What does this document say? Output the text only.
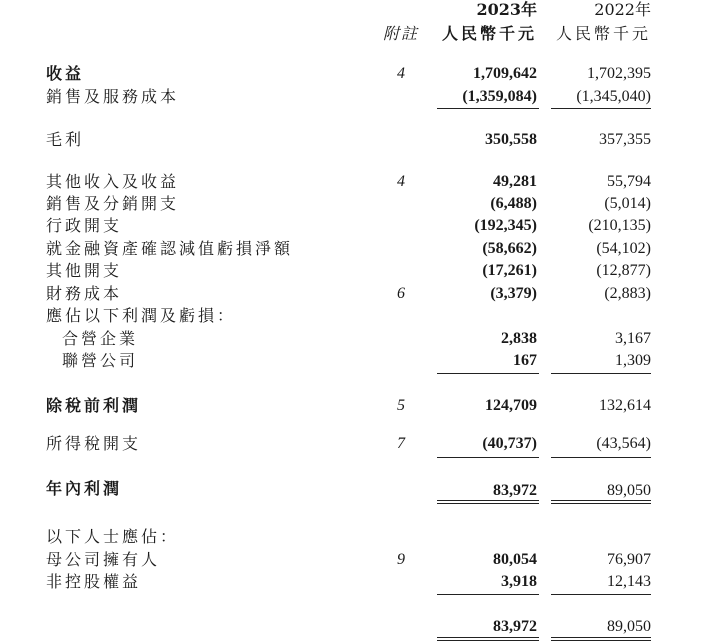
2023年	2022年
附註 人民幣千元 人民幣千元
收益	4	1,709,642	1,702,395
銷售及服務成本	(1,359,084) (1,345,040)
毛利	350,558	357,355
其他收入及收益	4	49,281	55,794
銷售及分銷開支	(6,488)	(5,014)
行政開支	(192,345)	(210,135)
就金融資產確認減值虧損淨額	(58,662)	(54,102)
其他開支	(17,261)	(12,877)
財務成本	6	(3,379)	(2,883)
應佔以下利潤及虧損：
合營企業	2,838	3,167
聯營公司	167	1,309
除稅前利潤	5	124,709	132,614
所得稅開支	7	(40,737)	(43,564)
年內利潤	83,972	89,050
以下人士應佔：
母公司擁有人	9	80,054	76,907
非控股權益	3,918	12,143
83,972	89,050
